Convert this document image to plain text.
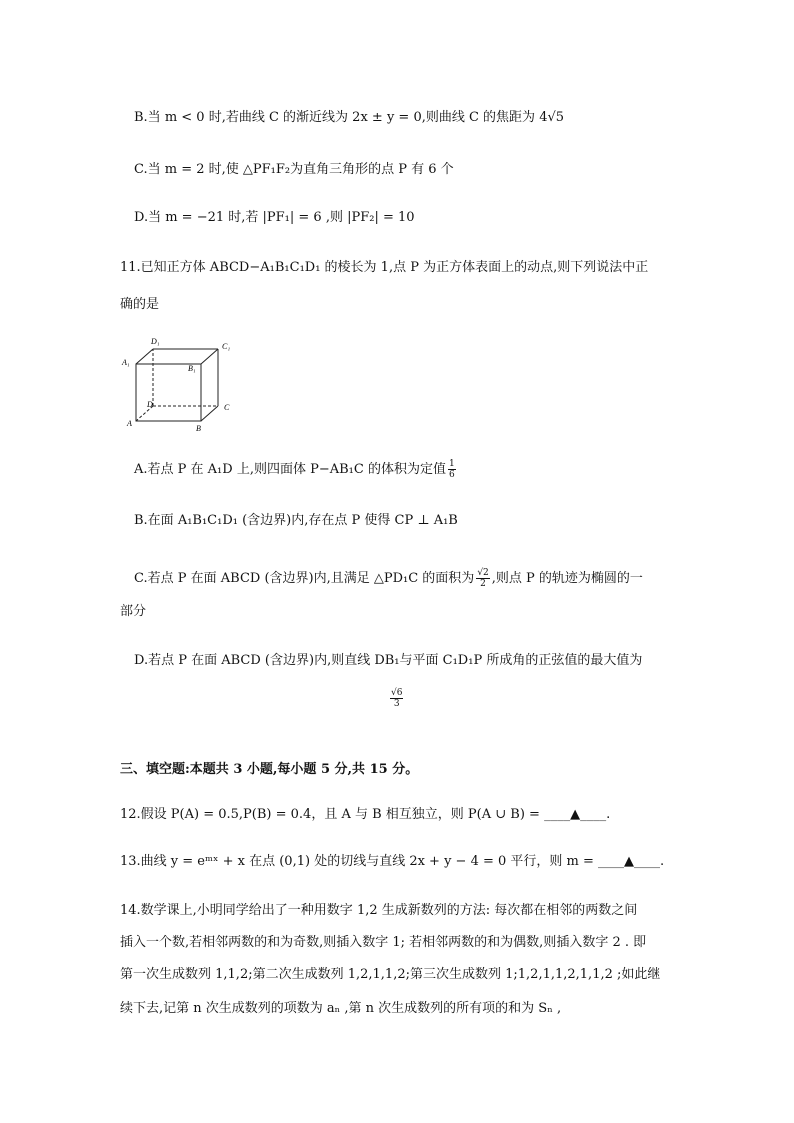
B.当 m < 0 时,若曲线 C 的渐近线为 2x ± y = 0,则曲线 C 的焦距为 4√5
C.当 m = 2 时,使 △PF₁F₂为直角三角形的点 P 有 6 个
D.当 m = −21 时,若 |PF₁| = 6 ,则 |PF₂| = 10
11.已知正方体 ABCD−A₁B₁C₁D₁ 的棱长为 1,点 P 为正方体表面上的动点,则下列说法中正
确的是
D₁
C₁
A₁
B₁
D	C
A
B
A.若点 P 在 A₁D 上,则四面体 P−AB₁C 的体积为定值 $\frac{1}{6}$
B.在面 A₁B₁C₁D₁ (含边界)内,存在点 P 使得 CP ⊥ A₁B
C.若点 P 在面 ABCD (含边界)内,且满足 △PD₁C 的面积为 $\frac{√2}{2}$ ,则点 P 的轨迹为椭圆的一
部分
D.若点 P 在面 ABCD (含边界)内,则直线 DB₁与平面 C₁D₁P 所成角的正弦值的最大值为
$\frac{√6}{3}$
三、填空题:本题共 3 小题,每小题 5 分,共 15 分。
12.假设 P(A) = 0.5,P(B) = 0.4，且 A 与 B 相互独立，则 P(A ∪ B) = ____▲____.
13.曲线 y = eᵐˣ + x 在点 (0,1) 处的切线与直线 2x + y − 4 = 0 平行，则 m = ____▲____.
14.数学课上,小明同学给出了一种用数字 1,2 生成新数列的方法: 每次都在相邻的两数之间
插入一个数,若相邻两数的和为奇数,则插入数字 1; 若相邻两数的和为偶数,则插入数字 2 . 即
第一次生成数列 1,1,2;第二次生成数列 1,2,1,1,2;第三次生成数列 1;1,2,1,1,2,1,1,2 ;如此继
续下去,记第 n 次生成数列的项数为 aₙ ,第 n 次生成数列的所有项的和为 Sₙ ,
